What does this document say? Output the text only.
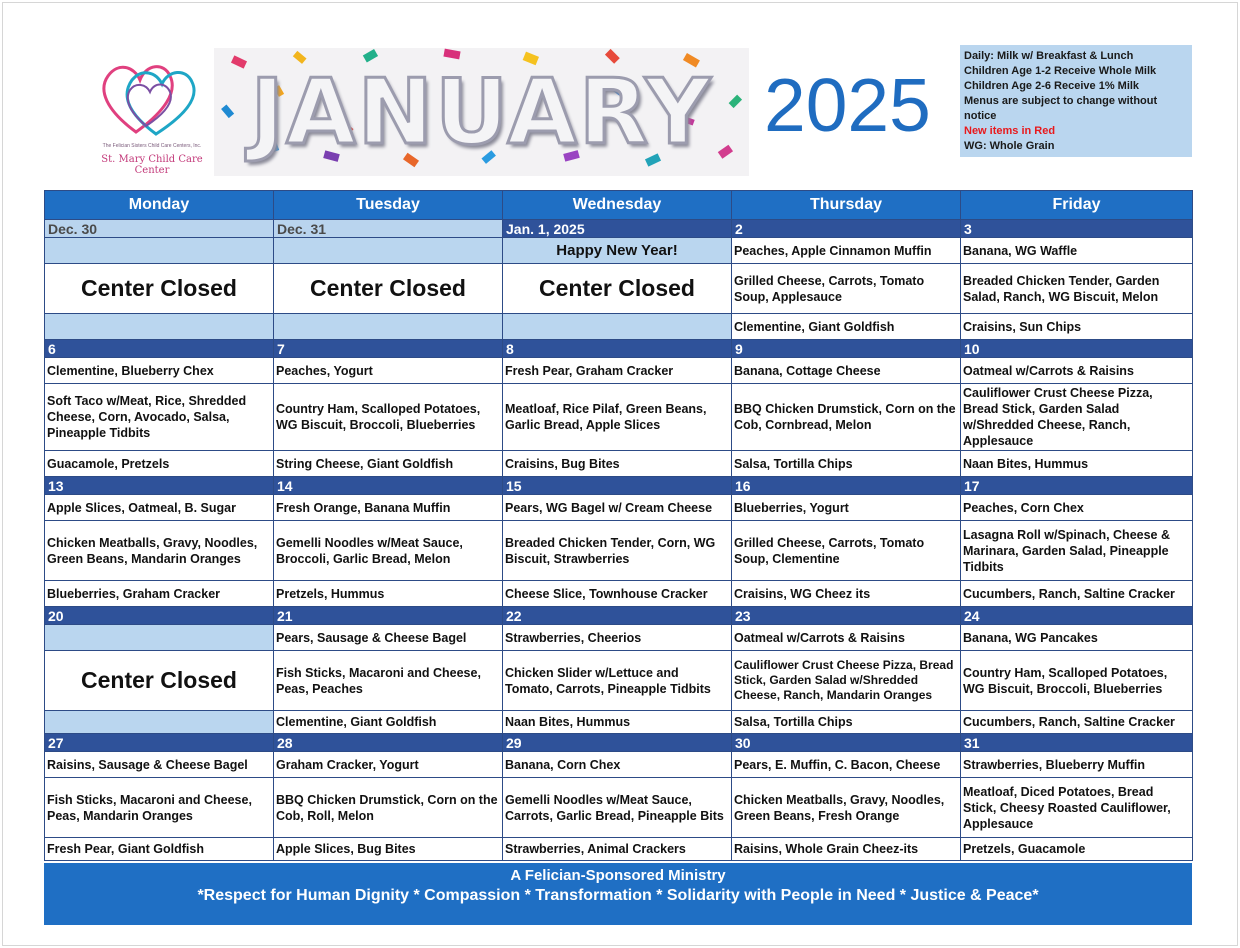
The Felician Sisters Child Care Centers, Inc.
St. Mary Child Care Center
JANUARY 2025
Daily: Milk w/ Breakfast & Lunch
Children Age 1-2 Receive Whole Milk
Children Age 2-6 Receive 1% Milk
Menus are subject to change without notice
New items in Red
WG: Whole Grain
Monday	Tuesday	Wednesday	Thursday	Friday
Dec. 30	Dec. 31	Jan. 1, 2025	2	3
		Happy New Year!	Peaches, Apple Cinnamon Muffin	Banana, WG Waffle
Center Closed	Center Closed	Center Closed	Grilled Cheese, Carrots, Tomato Soup, Applesauce	Breaded Chicken Tender, Garden Salad, Ranch, WG Biscuit, Melon
			Clementine, Giant Goldfish	Craisins, Sun Chips
6	7	8	9	10
Clementine, Blueberry Chex	Peaches, Yogurt	Fresh Pear, Graham Cracker	Banana, Cottage Cheese	Oatmeal w/Carrots & Raisins
Soft Taco w/Meat, Rice, Shredded Cheese, Corn, Avocado, Salsa, Pineapple Tidbits	Country Ham, Scalloped Potatoes, WG Biscuit, Broccoli, Blueberries	Meatloaf, Rice Pilaf, Green Beans, Garlic Bread, Apple Slices	BBQ Chicken Drumstick, Corn on the Cob, Cornbread, Melon	Cauliflower Crust Cheese Pizza, Bread Stick, Garden Salad w/Shredded Cheese, Ranch, Applesauce
Guacamole, Pretzels	String Cheese, Giant Goldfish	Craisins, Bug Bites	Salsa, Tortilla Chips	Naan Bites, Hummus
13	14	15	16	17
Apple Slices, Oatmeal, B. Sugar	Fresh Orange, Banana Muffin	Pears, WG Bagel w/ Cream Cheese	Blueberries, Yogurt	Peaches, Corn Chex
Chicken Meatballs, Gravy, Noodles, Green Beans, Mandarin Oranges	Gemelli Noodles w/Meat Sauce, Broccoli, Garlic Bread, Melon	Breaded Chicken Tender, Corn, WG Biscuit, Strawberries	Grilled Cheese, Carrots, Tomato Soup, Clementine	Lasagna Roll w/Spinach, Cheese & Marinara, Garden Salad, Pineapple Tidbits
Blueberries, Graham Cracker	Pretzels, Hummus	Cheese Slice, Townhouse Cracker	Craisins, WG Cheez its	Cucumbers, Ranch, Saltine Cracker
20	21	22	23	24
	Pears, Sausage & Cheese Bagel	Strawberries, Cheerios	Oatmeal w/Carrots & Raisins	Banana, WG Pancakes
Center Closed	Fish Sticks, Macaroni and Cheese, Peas, Peaches	Chicken Slider w/Lettuce and Tomato, Carrots, Pineapple Tidbits	Cauliflower Crust Cheese Pizza, Bread Stick, Garden Salad w/Shredded Cheese, Ranch, Mandarin Oranges	Country Ham, Scalloped Potatoes, WG Biscuit, Broccoli, Blueberries
	Clementine, Giant Goldfish	Naan Bites, Hummus	Salsa, Tortilla Chips	Cucumbers, Ranch, Saltine Cracker
27	28	29	30	31
Raisins, Sausage & Cheese Bagel	Graham Cracker, Yogurt	Banana, Corn Chex	Pears, E. Muffin, C. Bacon, Cheese	Strawberries, Blueberry Muffin
Fish Sticks, Macaroni and Cheese, Peas, Mandarin Oranges	BBQ Chicken Drumstick, Corn on the Cob, Roll, Melon	Gemelli Noodles w/Meat Sauce, Carrots, Garlic Bread, Pineapple Bits	Chicken Meatballs, Gravy, Noodles, Green Beans, Fresh Orange	Meatloaf, Diced Potatoes, Bread Stick, Cheesy Roasted Cauliflower, Applesauce
Fresh Pear, Giant Goldfish	Apple Slices, Bug Bites	Strawberries, Animal Crackers	Raisins, Whole Grain Cheez-its	Pretzels, Guacamole
A Felician-Sponsored Ministry
*Respect for Human Dignity * Compassion * Transformation * Solidarity with People in Need * Justice & Peace*
